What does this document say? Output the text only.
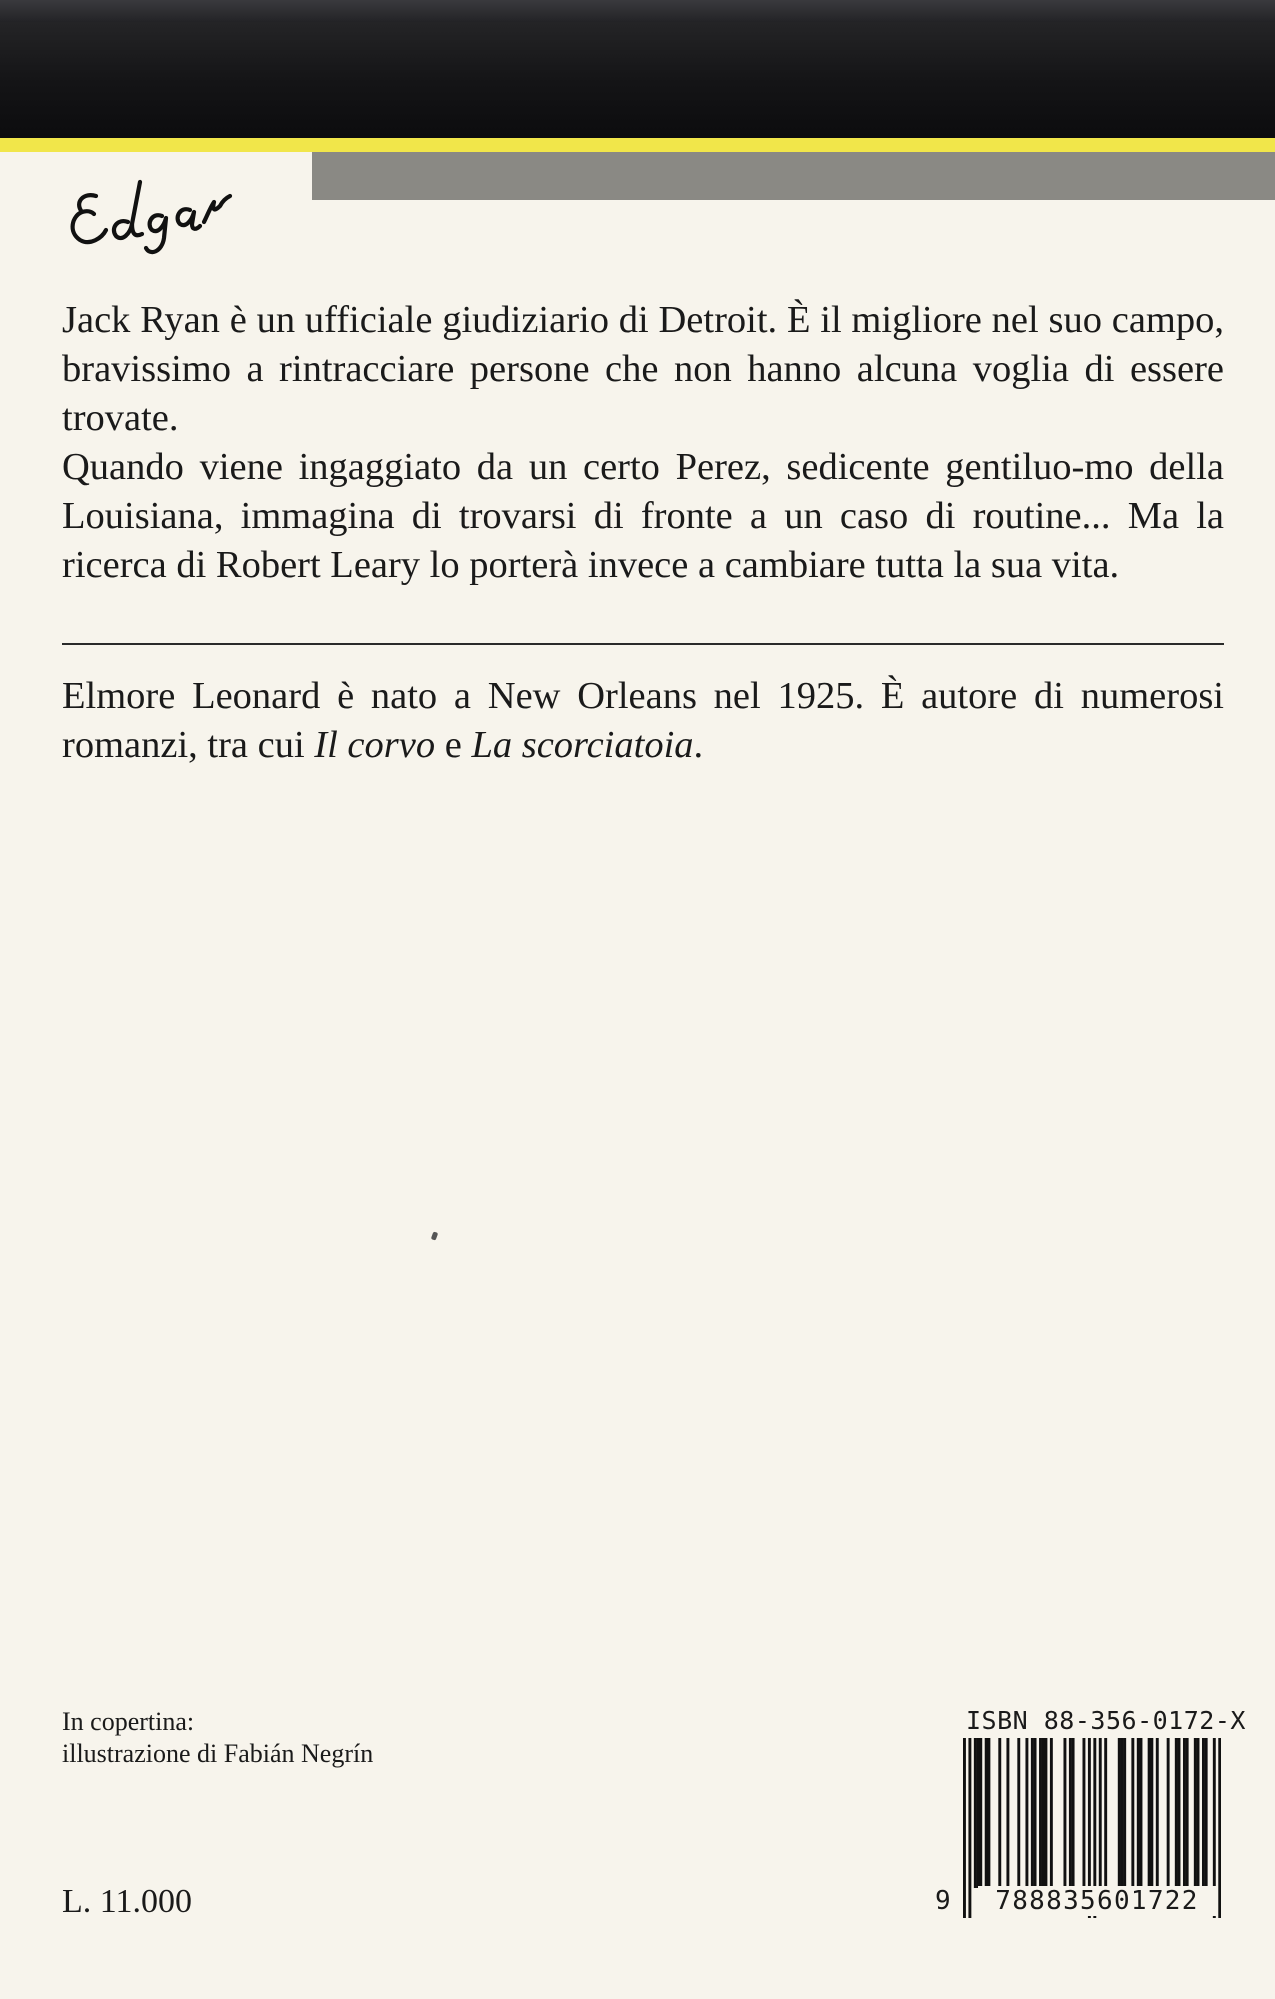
Jack Ryan è un ufficiale giudiziario di Detroit. È il migliore nel suo campo, bravissimo a rintracciare persone che non hanno alcuna voglia di essere trovate.

Quando viene ingaggiato da un certo Perez, sedicente gentiluo-mo della Louisiana, immagina di trovarsi di fronte a un caso di routine... Ma la ricerca di Robert Leary lo porterà invece a cambiare tutta la sua vita.

Elmore Leonard è nato a New Orleans nel 1925. È autore di numerosi romanzi, tra cui Il corvo e La scorciatoia.

In copertina:
illustrazione di Fabián Negrín
L. 11.000
ISBN 88-356-0172-X
9	788835601722
